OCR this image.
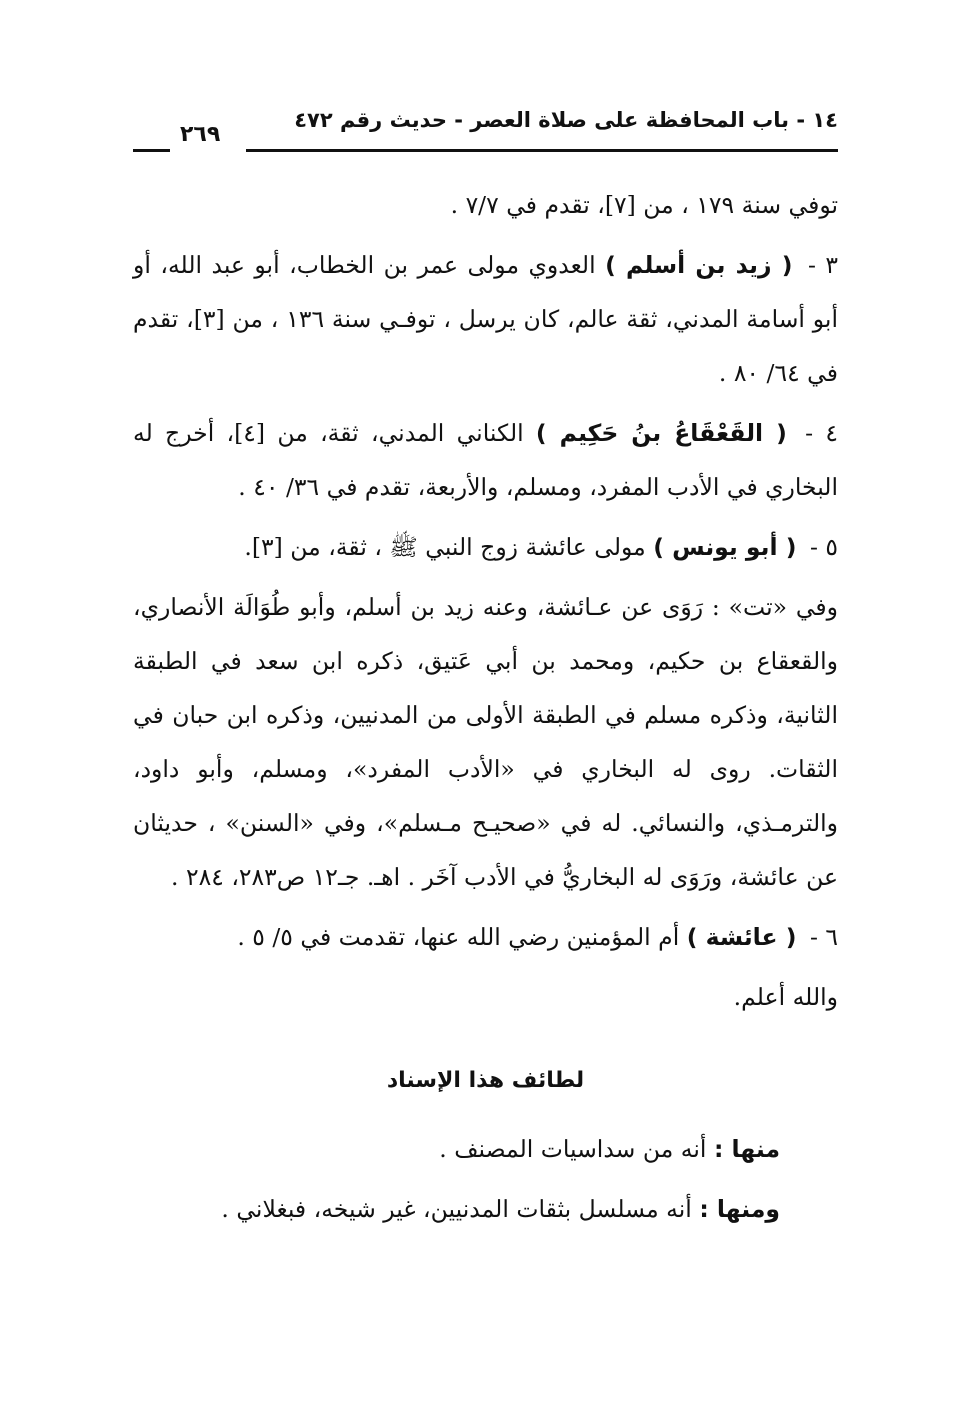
١٤ - باب المحافظة على صلاة العصر - حديث رقم ٤٧٢
٢٦٩

توفي سنة ١٧٩ ، من [٧]، تقدم في ٧/٧ .

٣ - ( زيد بن أسلم ) العدوي مولى عمر بن الخطاب، أبو عبد الله، أو أبو أسامة المدني، ثقة عالم، كان يرسل ، توفـي سنة ١٣٦ ، من [٣]، تقدم في ٦٤/ ٨٠ .

٤ - ( القَعْقَاعُ بنُ حَكِيم ) الكناني المدني، ثقة، من [٤]، أخرج له البخاري في الأدب المفرد، ومسلم، والأربعة، تقدم في ٣٦/ ٤٠ .

٥ - ( أبو يونس ) مولى عائشة زوج النبي ﷺ ، ثقة، من [٣].

وفي «تت» : رَوَى عن عـائشة، وعنه زيد بن أسلم، وأبو طُوَالَة الأنصاري، والقعقاع بن حكيم، ومحمد بن أبي عَتيق، ذكره ابن سعد في الطبقة الثانية، وذكره مسلم في الطبقة الأولى من المدنيين، وذكره ابن حبان في الثقات. روى له البخاري في «الأدب المفرد»، ومسلم، وأبو داود، والترمـذي، والنسائي. له في «صحيـح مـسلم»، وفي «السنن» ، حديثان عن عائشة، ورَوَى له البخاريُّ في الأدب آخَر . اهـ. جـ١٢ ص٢٨٣، ٢٨٤ .

٦ - ( عائشة ) أم المؤمنين رضي الله عنها، تقدمت في ٥/ ٥ .

والله أعلم.

لطائف هذا الإسناد

منها : أنه من سداسيات المصنف .

ومنها : أنه مسلسل بثقات المدنيين، غير شيخه، فبغلاني .
